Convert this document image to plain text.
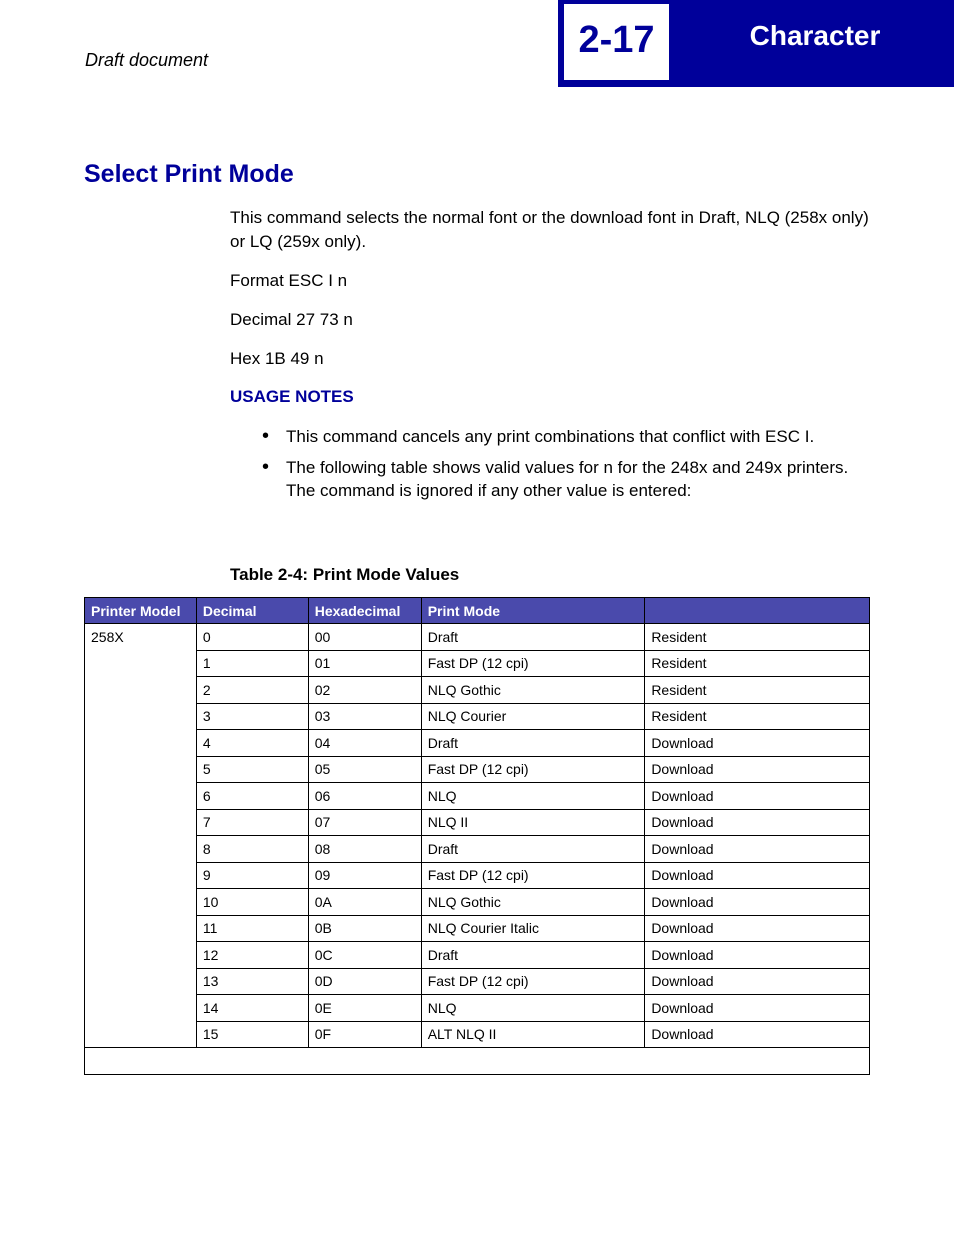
Draft document	2-17	Character
Select Print Mode
This command selects the normal font or the download font in Draft, NLQ (258x only) or LQ (259x only).
Format ESC I n
Decimal 27 73 n
Hex 1B 49 n
USAGE NOTES
• This command cancels any print combinations that conflict with ESC I.
• The following table shows valid values for n for the 248x and 249x printers. The command is ignored if any other value is entered:
Table 2-4: Print Mode Values
Printer Model	Decimal	Hexadecimal	Print Mode	
258X	0	00	Draft	Resident
	1	01	Fast DP (12 cpi)	Resident
	2	02	NLQ Gothic	Resident
	3	03	NLQ Courier	Resident
	4	04	Draft	Download
	5	05	Fast DP (12 cpi)	Download
	6	06	NLQ	Download
	7	07	NLQ II	Download
	8	08	Draft	Download
	9	09	Fast DP (12 cpi)	Download
	10	0A	NLQ Gothic	Download
	11	0B	NLQ Courier Italic	Download
	12	0C	Draft	Download
	13	0D	Fast DP (12 cpi)	Download
	14	0E	NLQ	Download
	15	0F	ALT NLQ II	Download
